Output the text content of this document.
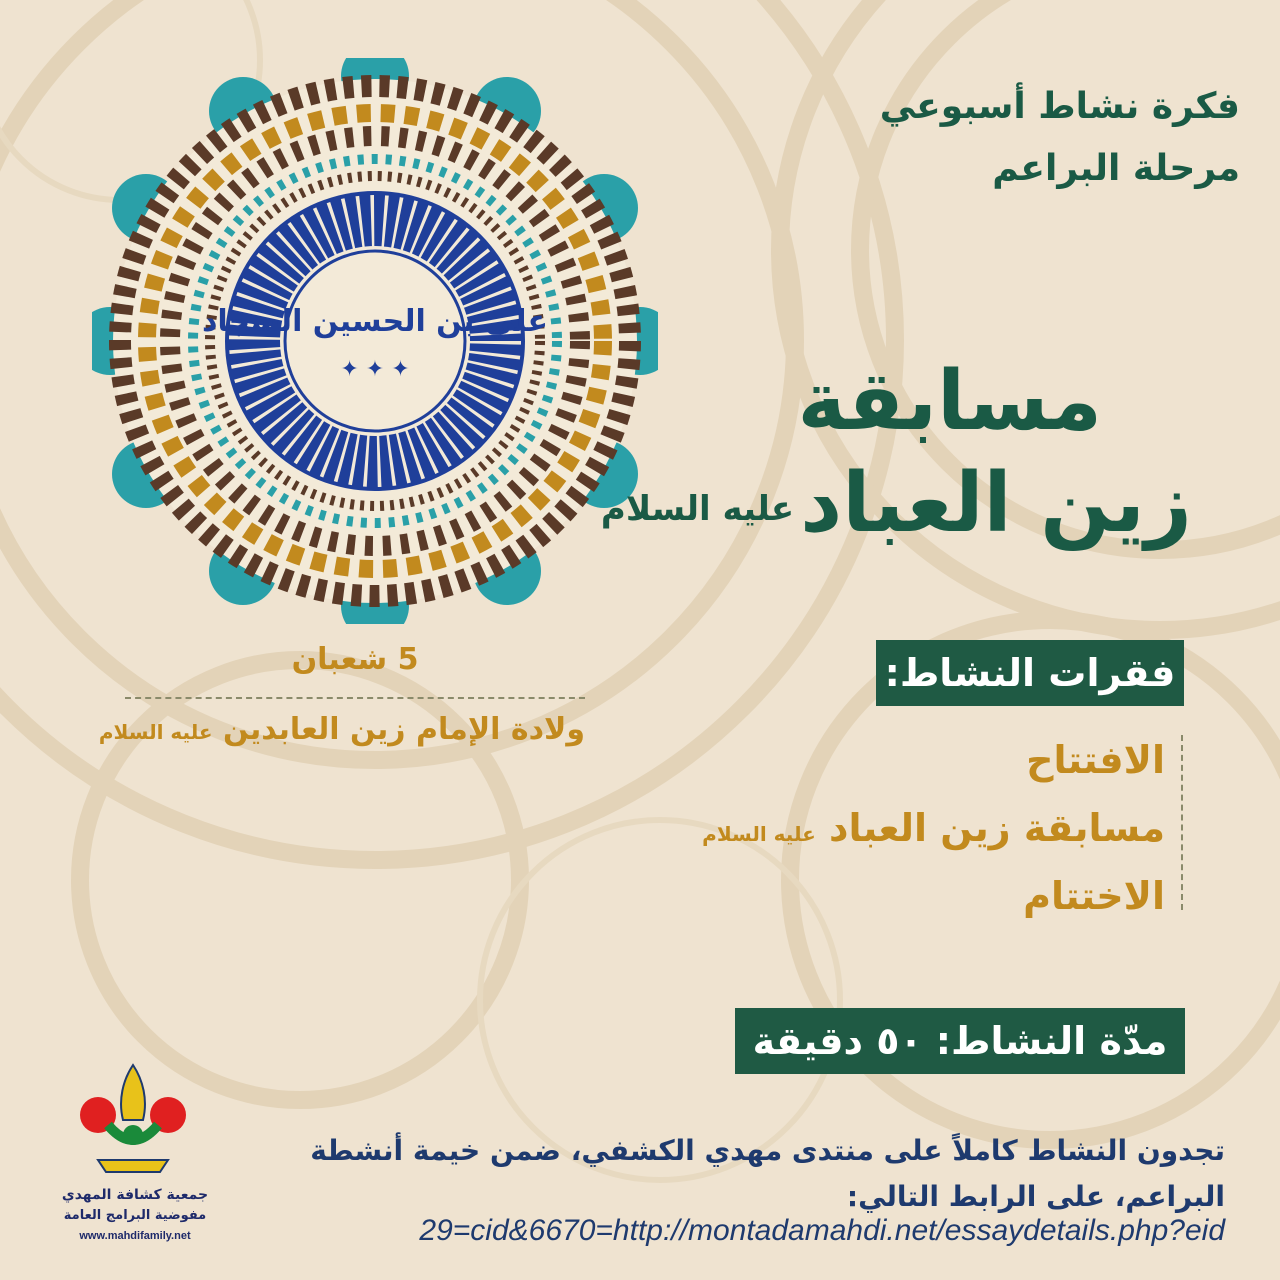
علي بن الحسين السجاد
✦ ✦ ✦
فكرة نشاط أسبوعي
مرحلة البراعم
مسابقة
زين العبادعليه السلام
5 شعبان
ولادة الإمام زين العابدين عليه السلام
فقرات النشاط:
الافتتاح
مسابقة زين العباد عليه السلام
الاختتام
مدّة النشاط: ٥٠ دقيقة
جمعية كشافة المهدي
مفوضية البرامج العامة
www.mahdifamily.net
تجدون النشاط كاملاً على منتدى مهدي الكشفي، ضمن خيمة أنشطة
البراعم، على الرابط التالي:
29=cid&6670=http://montadamahdi.net/essaydetails.php?eid
